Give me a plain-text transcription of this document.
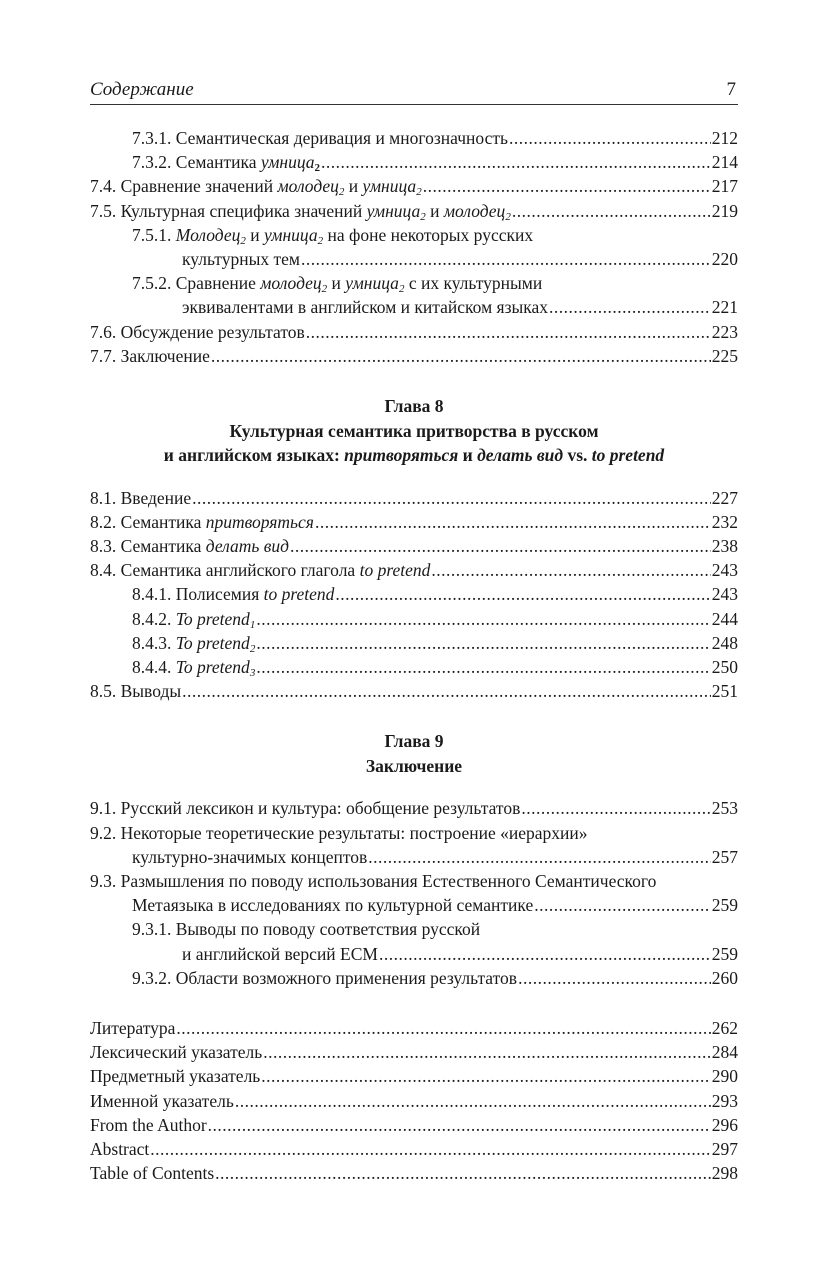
Содержание	7
7.3.1. Семантическая деривация и многозначность .....	212
7.3.2. Семантика умница$_2$ .....	214
7.4. Сравнение значений молодец$_2$ и умница$_2$ .....	217
7.5. Культурная специфика значений умница$_2$ и молодец$_2$ .....	219
7.5.1. Молодец$_2$ и умница$_2$ на фоне некоторых русских
культурных тем .....	220
7.5.2. Сравнение молодец$_2$ и умница$_2$ с их культурными
эквивалентами в английском и китайском языках .....	221
7.6. Обсуждение результатов .....	223
7.7. Заключение .....	225
Глава 8
Культурная семантика притворства в русском
и английском языках: притворяться и делать вид vs. to pretend
8.1. Введение .....	227
8.2. Семантика притворяться .....	232
8.3. Семантика делать вид .....	238
8.4. Семантика английского глагола to pretend .....	243
8.4.1. Полисемия to pretend .....	243
8.4.2. To pretend$_1$ .....	244
8.4.3. To pretend$_2$ .....	248
8.4.4. To pretend$_3$ .....	250
8.5. Выводы .....	251
Глава 9
Заключение
9.1. Русский лексикон и культура: обобщение результатов .....	253
9.2. Некоторые теоретические результаты: построение «иерархии»
культурно-значимых концептов .....	257
9.3. Размышления по поводу использования Естественного Семантического
Метаязыка в исследованиях по культурной семантике .....	259
9.3.1. Выводы по поводу соответствия русской
и английской версий ЕСМ .....	259
9.3.2. Области возможного применения результатов .....	260
Литература .....	262
Лексический указатель .....	284
Предметный указатель .....	290
Именной указатель .....	293
From the Author .....	296
Abstract .....	297
Table of Contents .....	298
